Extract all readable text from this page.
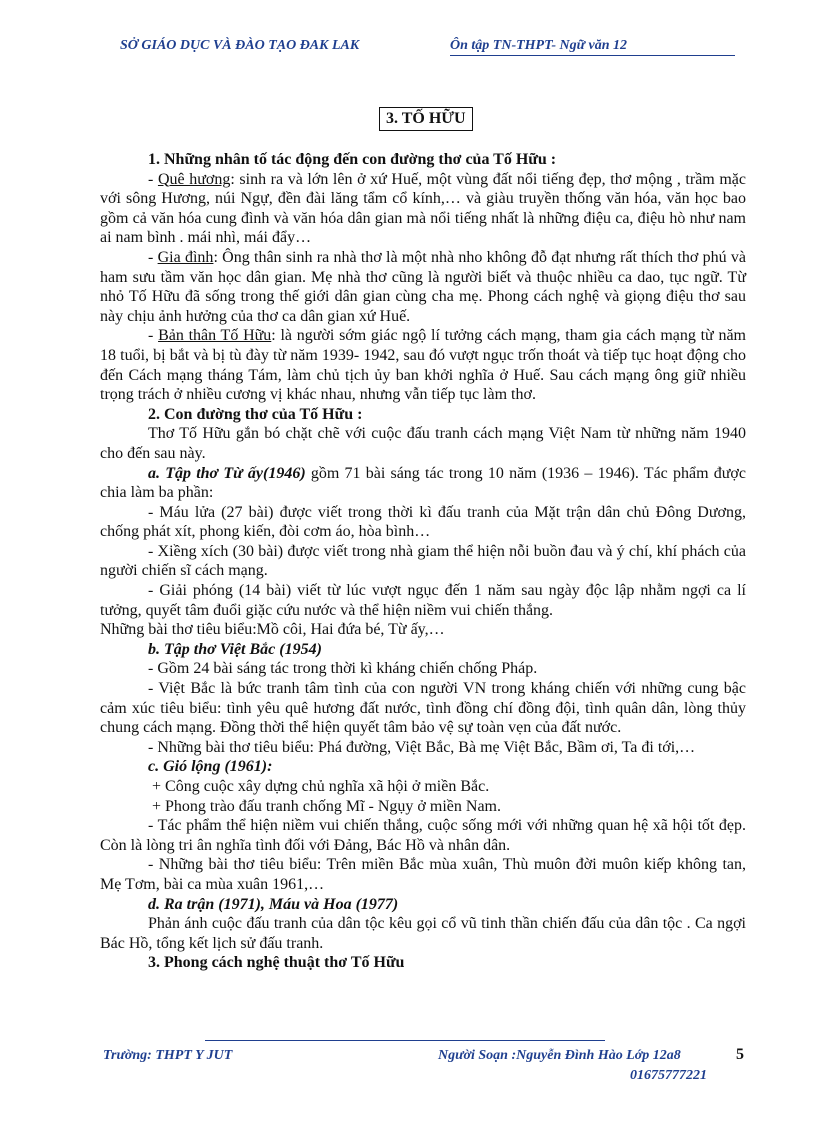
SỞ GIÁO DỤC VÀ ĐÀO TẠO ĐAK LAK	Ôn tập TN-THPT- Ngữ văn 12
3. TỐ HỮU

1. Những nhân tố tác động đến con đường thơ của Tố Hữu :

- Quê hương: sinh ra và lớn lên ở xứ Huế, một vùng đất nổi tiếng đẹp, thơ mộng , trầm mặc với sông Hương, núi Ngự, đền đài lăng tẩm cổ kính,… và giàu truyền thống văn hóa, văn học bao gồm cả văn hóa cung đình và văn hóa dân gian mà nổi tiếng nhất là những điệu ca, điệu hò như nam ai nam bình . mái nhì, mái đẩy…

- Gia đình: Ông thân sinh ra nhà thơ là một nhà nho không đỗ đạt nhưng rất thích thơ phú và ham sưu tầm văn học dân gian. Mẹ nhà thơ cũng là người biết và thuộc nhiều ca dao, tục ngữ. Từ nhỏ Tố Hữu đã sống trong thế giới dân gian cùng cha mẹ. Phong cách nghệ và giọng điệu thơ sau này chịu ảnh hưởng của thơ ca dân gian xứ Huế.

- Bản thân Tố Hữu: là người sớm giác ngộ lí tưởng cách mạng, tham gia cách mạng từ năm 18 tuổi, bị bắt và bị tù đày từ năm 1939- 1942, sau đó vượt ngục trốn thoát và tiếp tục hoạt động cho đến Cách mạng tháng Tám, làm chủ tịch ủy ban khởi nghĩa ở Huế. Sau cách mạng ông giữ nhiều trọng trách ở nhiều cương vị khác nhau, nhưng vẫn tiếp tục làm thơ.

2. Con đường thơ của Tố Hữu :

Thơ Tố Hữu gắn bó chặt chẽ với cuộc đấu tranh cách mạng Việt Nam từ những năm 1940 cho đến sau này.

a. Tập thơ Từ ấy(1946) gồm 71 bài sáng tác trong 10 năm (1936 – 1946). Tác phẩm được chia làm ba phần:

- Máu lửa (27 bài) được viết trong thời kì đấu tranh của Mặt trận dân chủ Đông Dương, chống phát xít, phong kiến, đòi cơm áo, hòa bình…

- Xiềng xích (30 bài) được viết trong nhà giam thể hiện nỗi buồn đau và ý chí, khí phách của người chiến sĩ cách mạng.

- Giải phóng (14 bài) viết từ lúc vượt ngục đến 1 năm sau ngày độc lập nhằm ngợi ca lí tưởng, quyết tâm đuổi giặc cứu nước và thể hiện niềm vui chiến thắng.

Những bài thơ tiêu biểu:Mồ côi, Hai đứa bé, Từ ấy,…

b. Tập thơ Việt Bắc (1954)

- Gồm 24 bài sáng tác trong thời kì kháng chiến chống Pháp.

- Việt Bắc là bức tranh tâm tình của con người VN trong kháng chiến với những cung bậc cảm xúc tiêu biểu: tình yêu quê hương đất nước, tình đồng chí đồng đội, tình quân dân, lòng thủy chung cách mạng. Đồng thời thể hiện quyết tâm bảo vệ sự toàn vẹn của đất nước.

- Những bài thơ tiêu biểu: Phá đường, Việt Bắc, Bà mẹ Việt Bắc, Bầm ơi, Ta đi tới,…

c. Gió lộng (1961):

+ Công cuộc xây dựng chủ nghĩa xã hội ở miền Bắc.

+ Phong trào đấu tranh chống Mĩ - Ngụy ở miền Nam.

- Tác phẩm thể hiện niềm vui chiến thắng, cuộc sống mới với những quan hệ xã hội tốt đẹp. Còn là lòng tri ân nghĩa tình đối với Đảng, Bác Hồ và nhân dân.

- Những bài thơ tiêu biểu: Trên miền Bắc mùa xuân, Thù muôn đời muôn kiếp không tan, Mẹ Tơm, bài ca mùa xuân 1961,…

d. Ra trận (1971), Máu và Hoa (1977)

Phản ánh cuộc đấu tranh của dân tộc kêu gọi cổ vũ tinh thần chiến đấu của dân tộc . Ca ngợi Bác Hồ, tổng kết lịch sử đấu tranh.

3. Phong cách nghệ thuật thơ Tố Hữu

Trường: THPT Y JUT	Người Soạn :Nguyễn Đình Hào Lớp 12a8
01675777221
5
